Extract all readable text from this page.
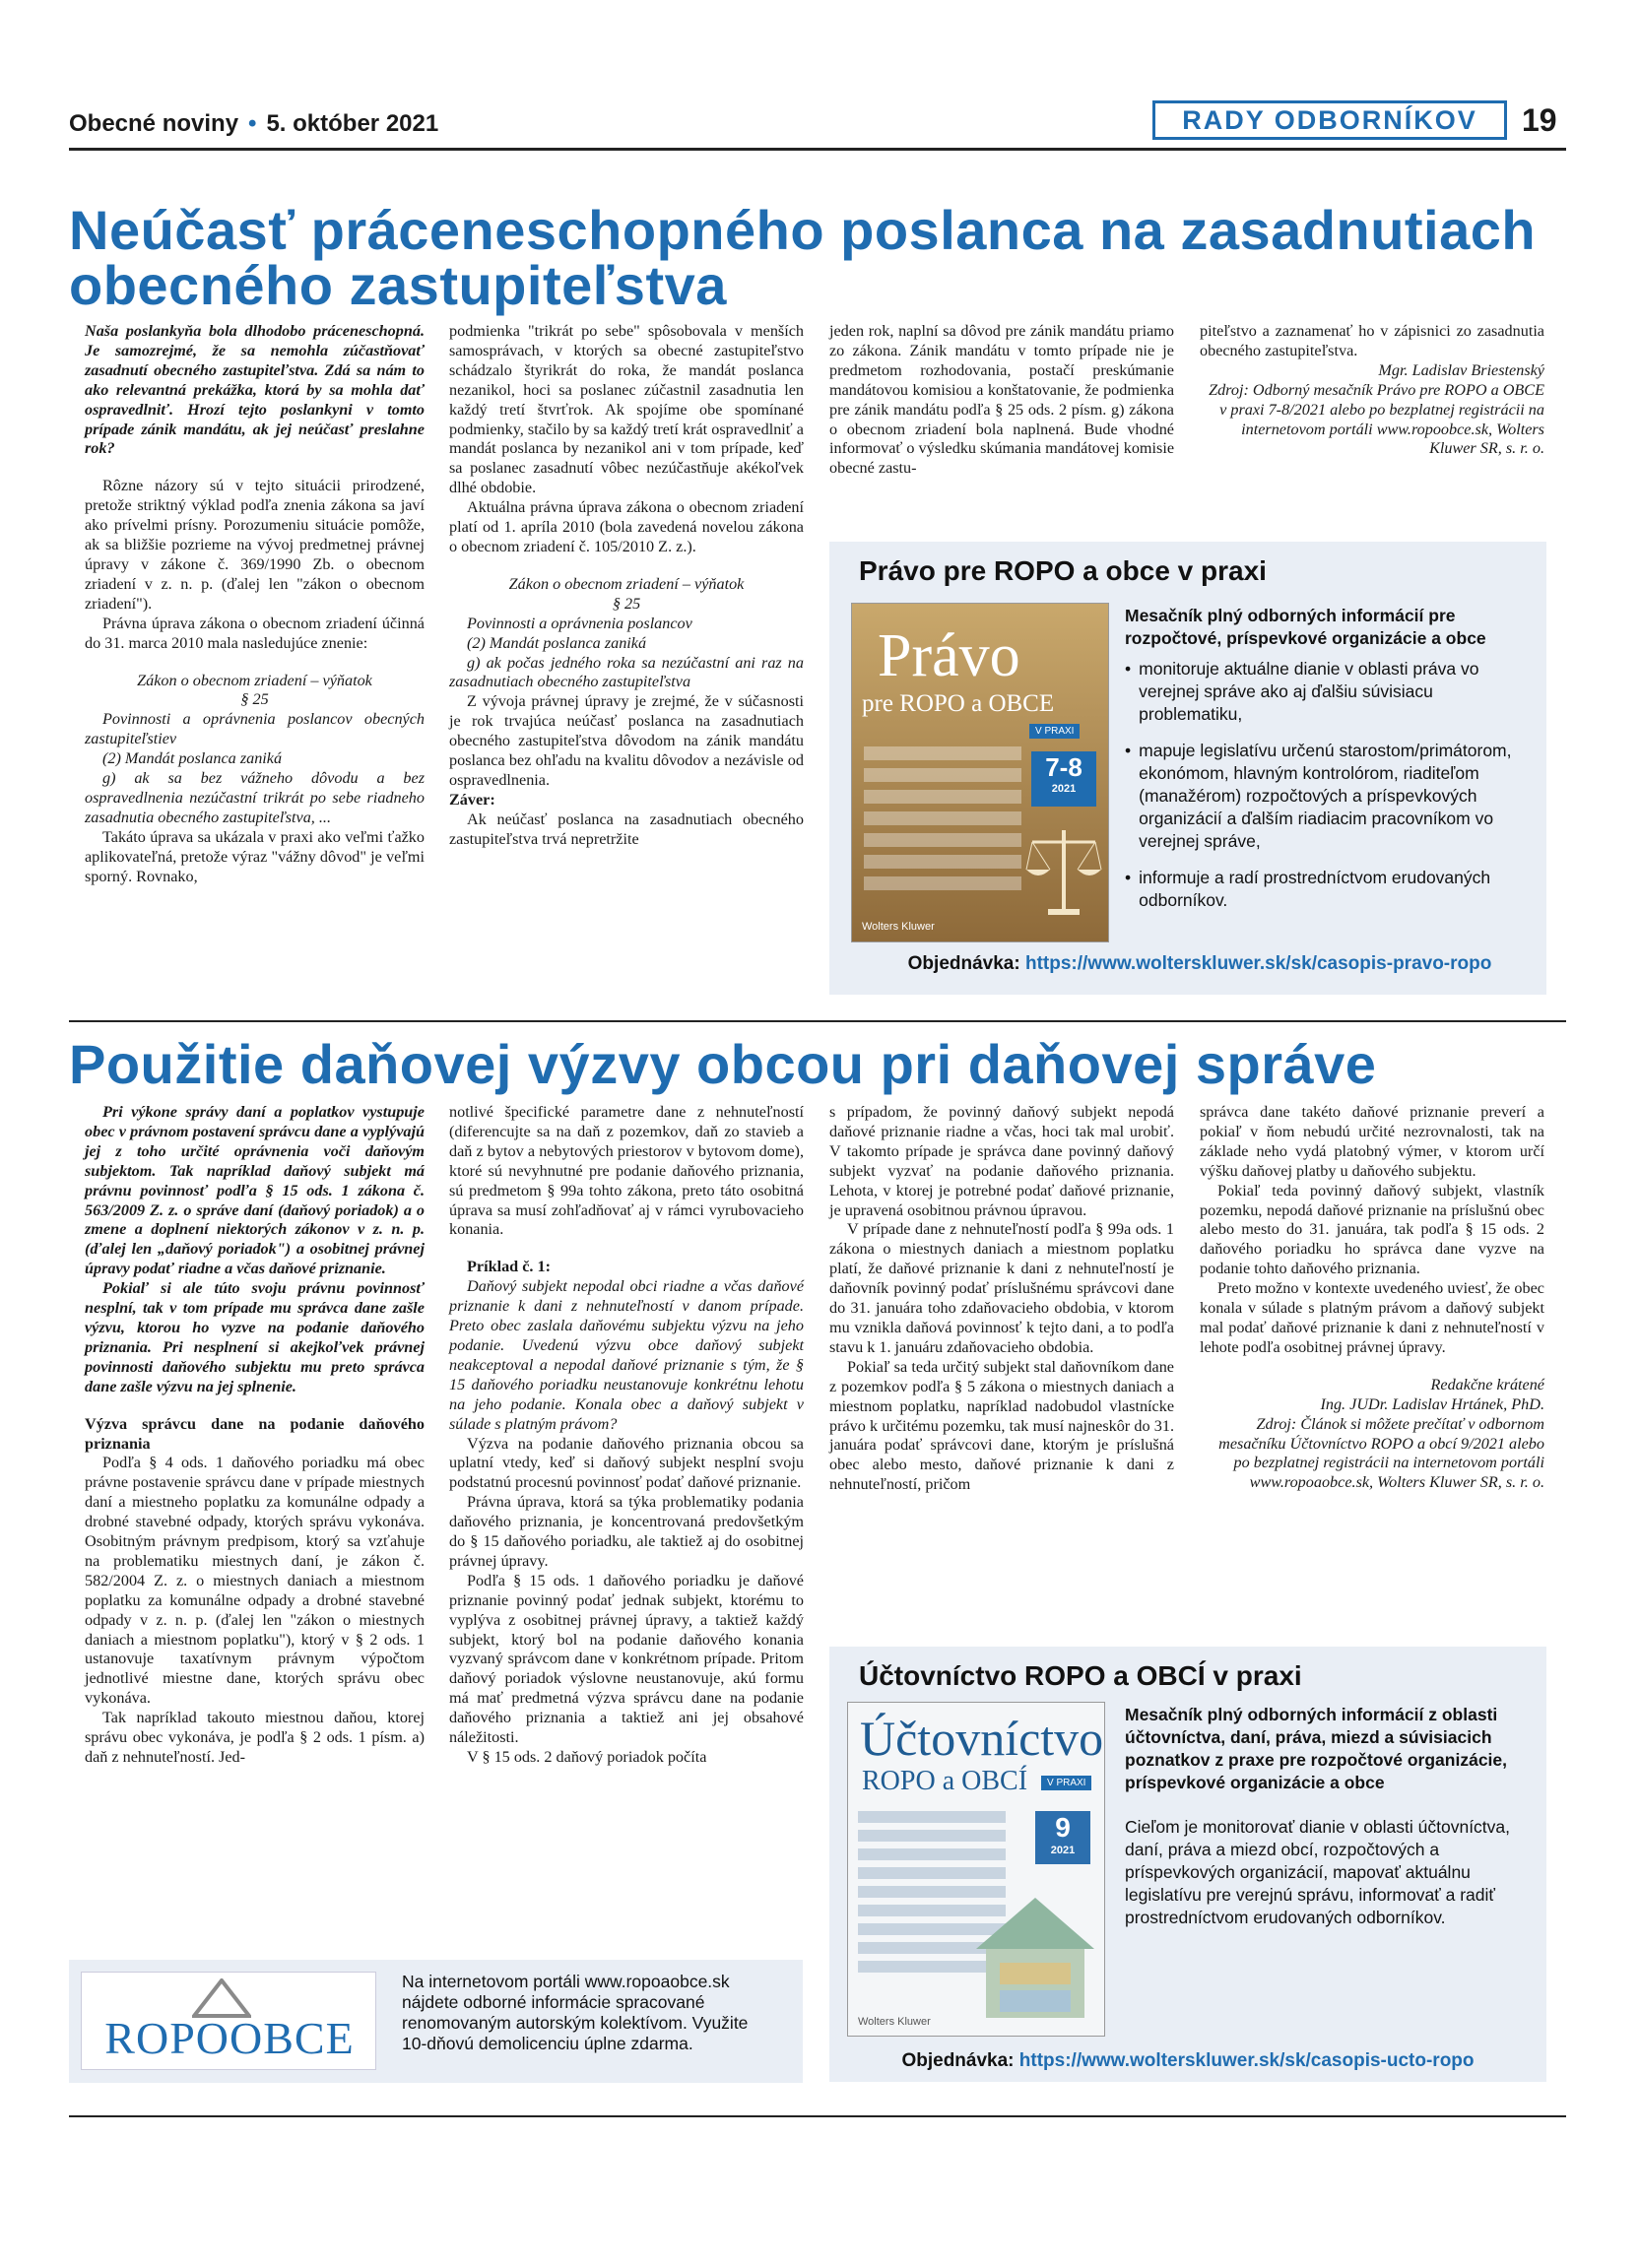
Obecné noviny • 5. október 2021	RADY ODBORNÍKOV	19
Neúčasť práceneschopného poslanca na zasadnutiach
obecného zastupiteľstva

Naša poslankyňa bola dlhodobo práceneschopná. Je samozrejmé, že sa nemohla zúčastňovať zasadnutí obecného zastupiteľstva. Zdá sa nám to ako relevantná prekážka, ktorá by sa mohla dať ospravedlniť. Hrozí tejto poslankyni v tomto prípade zánik mandátu, ak jej neúčasť preslahne rok?

Rôzne názory sú v tejto situácii prirodzené, pretože striktný výklad podľa znenia zákona sa javí ako prívelmi prísny. Porozumeniu situácie pomôže, ak sa bližšie pozrieme na vývoj predmetnej právnej úpravy v zákone č. 369/1990 Zb. o obecnom zriadení v z. n. p. (ďalej len "zákon o obecnom zriadení").

Právna úprava zákona o obecnom zriadení účinná do 31. marca 2010 mala nasledujúce znenie:

Zákon o obecnom zriadení – výňatok

§ 25

Povinnosti a oprávnenia poslancov obecných zastupiteľstiev

(2) Mandát poslanca zaniká

g) ak sa bez vážneho dôvodu a bez ospravedlnenia nezúčastní trikrát po sebe riadneho zasadnutia obecného zastupiteľstva, ...

Takáto úprava sa ukázala v praxi ako veľmi ťažko aplikovateľná, pretože výraz "vážny dôvod" je veľmi sporný. Rovnako,

podmienka "trikrát po sebe" spôsobovala v menších samosprávach, v ktorých sa obecné zastupiteľstvo schádzalo štyrikrát do roka, že mandát poslanca nezanikol, hoci sa poslanec zúčastnil zasadnutia len každý tretí štvrťrok. Ak spojíme obe spomínané podmienky, stačilo by sa každý tretí krát ospravedlniť a mandát poslanca by nezanikol ani v tom prípade, keď sa poslanec zasadnutí vôbec nezúčastňuje akékoľvek dlhé obdobie.

Aktuálna právna úprava zákona o obecnom zriadení platí od 1. apríla 2010 (bola zavedená novelou zákona o obecnom zriadení č. 105/2010 Z. z.).

Zákon o obecnom zriadení – výňatok

§ 25

Povinnosti a oprávnenia poslancov

(2) Mandát poslanca zaniká

g) ak počas jedného roka sa nezúčastní ani raz na zasadnutiach obecného zastupiteľstva

Z vývoja právnej úpravy je zrejmé, že v súčasnosti je rok trvajúca neúčasť poslanca na zasadnutiach obecného zastupiteľstva dôvodom na zánik mandátu poslanca bez ohľadu na kvalitu dôvodov a nezávisle od ospravedlnenia.

Záver:

Ak neúčasť poslanca na zasadnutiach obecného zastupiteľstva trvá nepretržite

jeden rok, naplní sa dôvod pre zánik mandátu priamo zo zákona. Zánik mandátu v tomto prípade nie je predmetom rozhodovania, postačí preskúmanie mandátovou komisiou a konštatovanie, že podmienka pre zánik mandátu podľa § 25 ods. 2 písm. g) zákona o obecnom zriadení bola naplnená. Bude vhodné informovať o výsledku skúmania mandátovej komisie obecné zastu-

piteľstvo a zaznamenať ho v zápisnici zo zasadnutia obecného zastupiteľstva.

Mgr. Ladislav Briestenský

Zdroj: Odborný mesačník Právo pre ROPO a OBCE v praxi 7-8/2021 alebo po bezplatnej registrácii na internetovom portáli www.ropoobce.sk, Wolters Kluwer SR, s. r. o.

Právo pre ROPO a obce v praxi
Právo
pre ROPO a OBCE
V PRAXI
7-8
2021
Wolters Kluwer
Mesačník plný odborných informácií pre rozpočtové, príspevkové organizácie a obce
• monitoruje aktuálne dianie v oblasti práva vo verejnej správe ako aj ďalšiu súvisiacu problematiku,
• mapuje legislatívu určenú starostom/primátorom, ekonómom, hlavným kontrolórom, riaditeľom (manažérom) rozpočtových a príspevkových organizácií a ďalším riadiacim pracovníkom vo verejnej správe,
• informuje a radí prostredníctvom erudovaných odborníkov.
Objednávka: https://www.wolterskluwer.sk/sk/casopis-pravo-ropo
Použitie daňovej výzvy obcou pri daňovej správe

Pri výkone správy daní a poplatkov vystupuje obec v právnom postavení správcu dane a vyplývajú jej z toho určité oprávnenia voči daňovým subjektom. Tak napríklad daňový subjekt má právnu povinnosť podľa § 15 ods. 1 zákona č. 563/2009 Z. z. o správe daní (daňový poriadok) a o zmene a doplnení niektorých zákonov v z. n. p. (ďalej len „daňový poriadok") a osobitnej právnej úpravy podať riadne a včas daňové priznanie.

Pokiaľ si ale túto svoju právnu povinnosť nesplní, tak v tom prípade mu správca dane zašle výzvu, ktorou ho vyzve na podanie daňového priznania. Pri nesplnení si akejkoľvek právnej povinnosti daňového subjektu mu preto správca dane zašle výzvu na jej splnenie.

Výzva správcu dane na podanie daňového priznania

Podľa § 4 ods. 1 daňového poriadku má obec právne postavenie správcu dane v prípade miestnych daní a miestneho poplatku za komunálne odpady a drobné stavebné odpady, ktorých správu vykonáva. Osobitným právnym predpisom, ktorý sa vzťahuje na problematiku miestnych daní, je zákon č. 582/2004 Z. z. o miestnych daniach a miestnom poplatku za komunálne odpady a drobné stavebné odpady v z. n. p. (ďalej len "zákon o miestnych daniach a miestnom poplatku"), ktorý v § 2 ods. 1 ustanovuje taxatívnym právnym výpočtom jednotlivé miestne dane, ktorých správu obec vykonáva.

Tak napríklad takouto miestnou daňou, ktorej správu obec vykonáva, je podľa § 2 ods. 1 písm. a) daň z nehnuteľností. Jed-

notlivé špecifické parametre dane z nehnuteľností (diferencujte sa na daň z pozemkov, daň zo stavieb a daň z bytov a nebytových priestorov v bytovom dome), ktoré sú nevyhnutné pre podanie daňového priznania, sú predmetom § 99a tohto zákona, preto táto osobitná úprava sa musí zohľadňovať aj v rámci vyrubovacieho konania.

Príklad č. 1:

Daňový subjekt nepodal obci riadne a včas daňové priznanie k dani z nehnuteľností v danom prípade. Preto obec zaslala daňovému subjektu výzvu na jeho podanie. Uvedenú výzvu obce daňový subjekt neakceptoval a nepodal daňové priznanie s tým, že § 15 daňového poriadku neustanovuje konkrétnu lehotu na jeho podanie. Konala obec a daňový subjekt v súlade s platným právom?

Výzva na podanie daňového priznania obcou sa uplatní vtedy, keď si daňový subjekt nesplní svoju podstatnú procesnú povinnosť podať daňové priznanie.

Právna úprava, ktorá sa týka problematiky podania daňového priznania, je koncentrovaná predovšetkým do § 15 daňového poriadku, ale taktiež aj do osobitnej právnej úpravy.

Podľa § 15 ods. 1 daňového poriadku je daňové priznanie povinný podať jednak subjekt, ktorému to vyplýva z osobitnej právnej úpravy, a taktiež každý subjekt, ktorý bol na podanie daňového konania vyzvaný správcom dane v konkrétnom prípade. Pritom daňový poriadok výslovne neustanovuje, akú formu má mať predmetná výzva správcu dane na podanie daňového priznania a taktiež ani jej obsahové náležitosti.

V § 15 ods. 2 daňový poriadok počíta

s prípadom, že povinný daňový subjekt nepodá daňové priznanie riadne a včas, hoci tak mal urobiť. V takomto prípade je správca dane povinný daňový subjekt vyzvať na podanie daňového priznania. Lehota, v ktorej je potrebné podať daňové priznanie, je upravená osobitnou právnou úpravou.

V prípade dane z nehnuteľností podľa § 99a ods. 1 zákona o miestnych daniach a miestnom poplatku platí, že daňové priznanie k dani z nehnuteľností je daňovník povinný podať príslušnému správcovi dane do 31. januára toho zdaňovacieho obdobia, v ktorom mu vznikla daňová povinnosť k tejto dani, a to podľa stavu k 1. januáru zdaňovacieho obdobia.

Pokiaľ sa teda určitý subjekt stal daňovníkom dane z pozemkov podľa § 5 zákona o miestnych daniach a miestnom poplatku, napríklad nadobudol vlastnícke právo k určitému pozemku, tak musí najneskôr do 31. januára podať správcovi dane, ktorým je príslušná obec alebo mesto, daňové priznanie k dani z nehnuteľností, pričom

správca dane takéto daňové priznanie preverí a pokiaľ v ňom nebudú určité nezrovnalosti, tak na základe neho vydá platobný výmer, v ktorom určí výšku daňovej platby u daňového subjektu.

Pokiaľ teda povinný daňový subjekt, vlastník pozemku, nepodá daňové priznanie na príslušnú obec alebo mesto do 31. januára, tak podľa § 15 ods. 2 daňového poriadku ho správca dane vyzve na podanie tohto daňového priznania.

Preto možno v kontexte uvedeného uviesť, že obec konala v súlade s platným právom a daňový subjekt mal podať daňové priznanie k dani z nehnuteľností v lehote podľa osobitnej právnej úpravy.

Redakčne krátené

Ing. JUDr. Ladislav Hrtánek, PhD.

Zdroj: Článok si môžete prečítať v odbornom mesačníku Účtovníctvo ROPO a obcí 9/2021 alebo po bezplatnej registrácii na internetovom portáli www.ropoaobce.sk, Wolters Kluwer SR, s. r. o.

Účtovníctvo ROPO a OBCÍ v praxi
Účtovníctvo
ROPO a OBCÍ	V PRAXI
9
2021
Wolters Kluwer
Mesačník plný odborných informácií z oblasti účtovníctva, daní, práva, miezd a súvisiacich poznatkov z praxe pre rozpočtové organizácie, príspevkové organizácie a obce
Cieľom je monitorovať dianie v oblasti účtovníctva, daní, práva a miezd obcí, rozpočtových a príspevkových organizácií, mapovať aktuálnu legislatívu pre verejnú správu, informovať a radiť prostredníctvom erudovaných odborníkov.
Objednávka: https://www.wolterskluwer.sk/sk/casopis-ucto-ropo
ROPOOBCE
Na internetovom portáli www.ropoaobce.sk nájdete odborné informácie spracované renomovaným autorským kolektívom. Využite 10-dňovú demolicenciu úplne zdarma.
